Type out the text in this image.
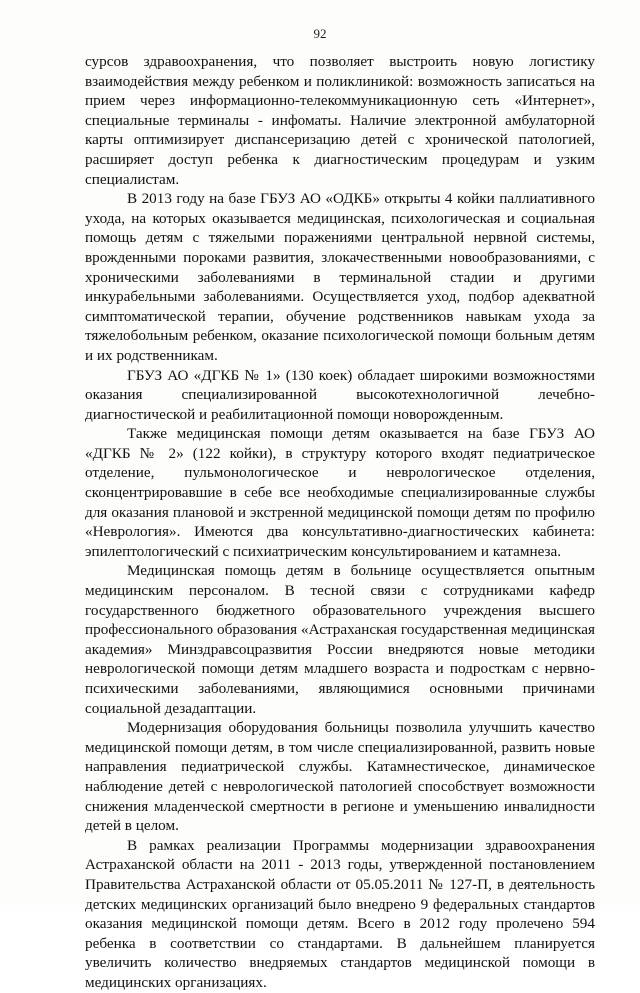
92

сурсов здравоохранения, что позволяет выстроить новую логистику взаимодействия между ребенком и поликлиникой: возможность записаться на прием через информационно-телекоммуникационную сеть «Интернет», специальные терминалы - инфоматы. Наличие электронной амбулаторной карты оптимизирует диспансеризацию детей с хронической патологией, расширяет доступ ребенка к диагностическим процедурам и узким специалистам.

В 2013 году на базе ГБУЗ АО «ОДКБ» открыты 4 койки паллиативного ухода, на которых оказывается медицинская, психологическая и социальная помощь детям с тяжелыми поражениями центральной нервной системы, врожденными пороками развития, злокачественными новообразованиями, с хроническими заболеваниями в терминальной стадии и другими инкурабельными заболеваниями. Осуществляется уход, подбор адекватной симптоматической терапии, обучение родственников навыкам ухода за тяжелобольным ребенком, оказание психологической помощи больным детям и их родственникам.

ГБУЗ АО «ДГКБ № 1» (130 коек) обладает широкими возможностями оказания специализированной высокотехнологичной лечебно-диагностической и реабилитационной помощи новорожденным.

Также медицинская помощи детям оказывается на базе ГБУЗ АО «ДГКБ № 2» (122 койки), в структуру которого входят педиатрическое отделение, пульмонологическое и неврологическое отделения, сконцентрировавшие в себе все необходимые специализированные службы для оказания плановой и экстренной медицинской помощи детям по профилю «Неврология». Имеются два консультативно-диагностических кабинета: эпилептологический с психиатрическим консультированием и катамнеза.

Медицинская помощь детям в больнице осуществляется опытным медицинским персоналом. В тесной связи с сотрудниками кафедр государственного бюджетного образовательного учреждения высшего профессионального образования «Астраханская государственная медицинская академия» Минздравсоцразвития России внедряются новые методики неврологической помощи детям младшего возраста и подросткам с нервно-психическими заболеваниями, являющимися основными причинами социальной дезадаптации.

Модернизация оборудования больницы позволила улучшить качество медицинской помощи детям, в том числе специализированной, развить новые направления педиатрической службы. Катамнестическое, динамическое наблюдение детей с неврологической патологией способствует возможности снижения младенческой смертности в регионе и уменьшению инвалидности детей в целом.

В рамках реализации Программы модернизации здравоохранения Астраханской области на 2011 - 2013 годы, утвержденной постановлением Правительства Астраханской области от 05.05.2011 № 127-П, в деятельность детских медицинских организаций было внедрено 9 федеральных стандартов оказания медицинской помощи детям. Всего в 2012 году пролечено 594 ребенка в соответствии со стандартами. В дальнейшем планируется увеличить количество внедряемых стандартов медицинской помощи в медицинских организациях.
